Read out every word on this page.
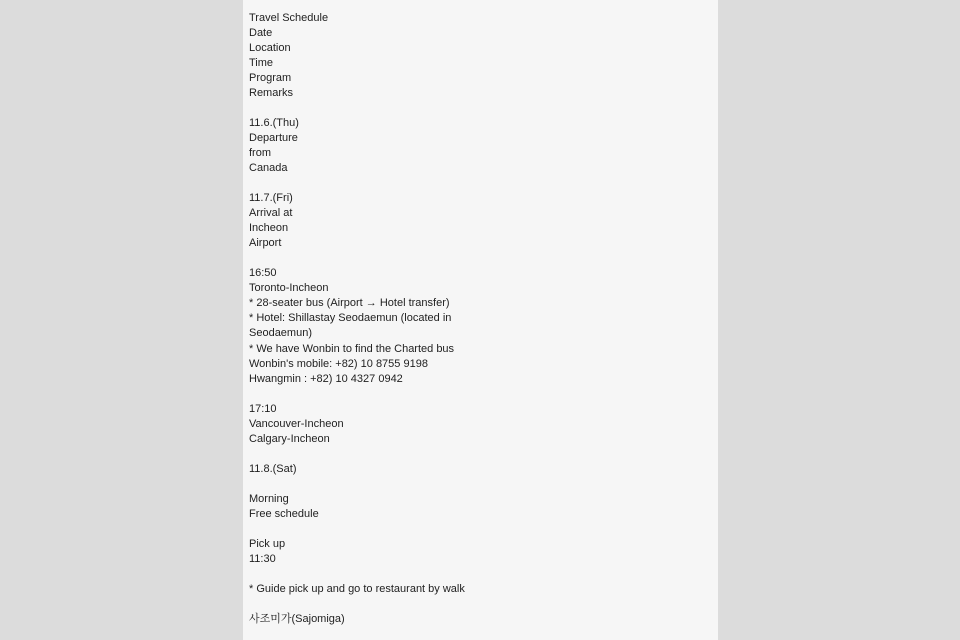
Travel Schedule
Date
Location
Time
Program
Remarks
11.6.(Thu)
Departure
from
Canada
11.7.(Fri)
Arrival at
Incheon
Airport
16:50
Toronto-Incheon
* 28-seater bus (Airport → Hotel transfer)
* Hotel: Shillastay Seodaemun (located in
Seodaemun)
* We have Wonbin to find the Charted bus
Wonbin's mobile: +82) 10 8755 9198
Hwangmin : +82) 10 4327 0942
17:10
Vancouver-Incheon
Calgary-Incheon
11.8.(Sat)
Morning
Free schedule
Pick up
11:30
* Guide pick up and go to restaurant by walk
사조미가(Sajomiga)
